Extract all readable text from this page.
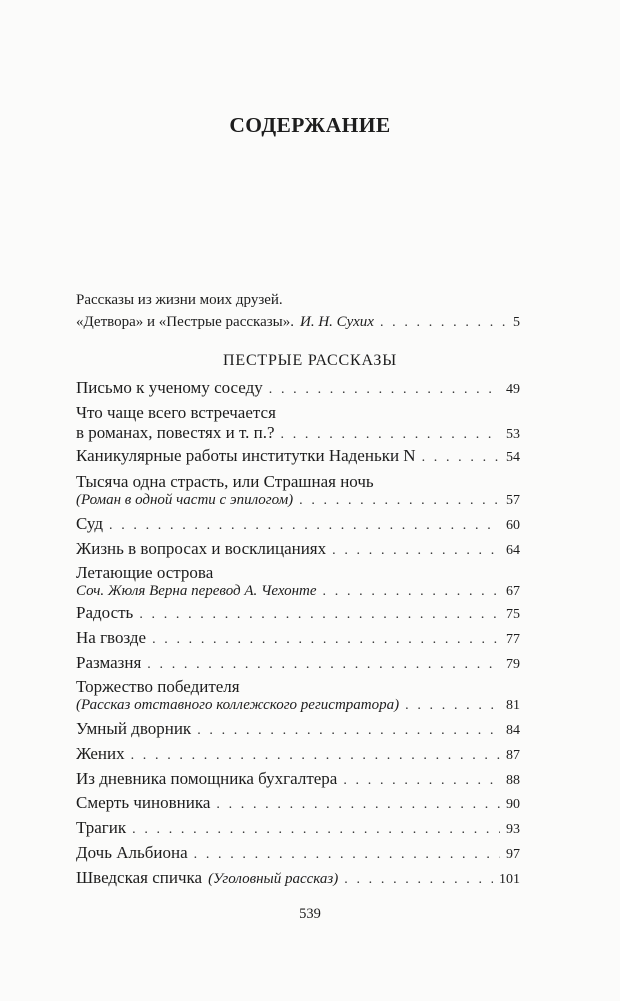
СОДЕРЖАНИЕ
Рассказы из жизни моих друзей.
«Детвора» и «Пестрые рассказы». И. Н. Сухих . . .	5
ПЕСТРЫЕ РАССКАЗЫ
Письмо к ученому соседу . . .	49
Что чаще всего встречается
в романах, повестях и т. п.? . . .	53
Каникулярные работы институтки Наденьки N . . .	54
Тысяча одна страсть, или Страшная ночь
(Роман в одной части с эпилогом) . . .	57
Суд . . .	60
Жизнь в вопросах и восклицаниях . . .	64
Летающие острова
Соч. Жюля Верна перевод А. Чехонте . . .	67
Радость . . .	75
На гвозде . . .	77
Размазня . . .	79
Торжество победителя
(Рассказ отставного коллежского регистратора) . . .	81
Умный дворник . . .	84
Жених . . .	87
Из дневника помощника бухгалтера . . .	88
Смерть чиновника . . .	90
Трагик . . .	93
Дочь Альбиона . . .	97
Шведская спичка (Уголовный рассказ) . . .	101
539
